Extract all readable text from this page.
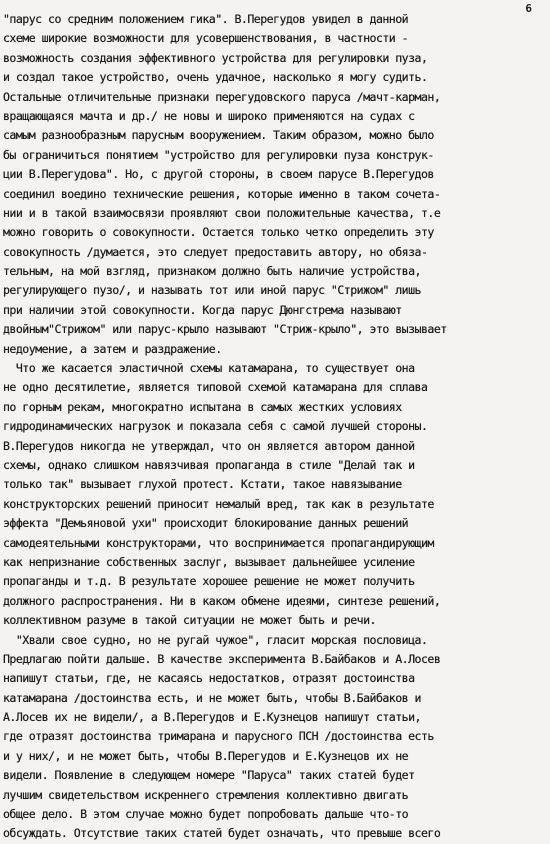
6
"парус со средним положением гика". В.Перегудов увидел в данной
схеме широкие возможности для усовершенствования, в частности -
возможность создания эффективного устройства для регулировки пуза,
и создал такое устройство, очень удачное, насколько я могу судить.
Остальные отличительные признаки перегудовского паруса /мачт-карман,
вращающаяся мачта и др./ не новы и широко применяются на судах с
самым разнообразным парусным вооружением. Таким образом, можно было
бы ограничиться понятием "устройство для регулировки пуза конструк-
ции В.Перегудова". Но, с другой стороны, в своем парусе В.Перегудов
соединил воедино технические решения, которые именно в таком сочета-
нии и в такой взаимосвязи проявляют свои положительные качества, т.е
можно говорить о совокупности. Остается только четко определить эту
совокупность /думается, это следует предоставить автору, но обяза-
тельным, на мой взгляд, признаком должно быть наличие устройства,
регулирующего пузо/, и называть тот или иной парус "Стрижом" лишь
при наличии этой совокупности. Когда парус Дюнгстрема называют
двойным"Стрижом" или парус-крыло называют "Стриж-крыло", это вызывает
недоумение, а затем и раздражение.
Что же касается эластичной схемы катамарана, то существует она
не одно десятилетие, является типовой схемой катамарана для сплава
по горным рекам, многократно испытана в самых жестких условиях
гидродинамических нагрузок и показала себя с самой лучшей стороны.
В.Перегудов никогда не утверждал, что он является автором данной
схемы, однако слишком навязчивая пропаганда в стиле "Делай так и
только так" вызывает глухой протест. Кстати, такое навязывание
конструкторских решений приносит немалый вред, так как в результате
эффекта "Демьяновой ухи" происходит блокирование данных решений
самодеятельными конструкторами, что воспринимается пропагандирующим
как непризнание собственных заслуг, вызывает дальнейшее усиление
пропаганды и т.д. В результате хорошее решение не может получить
должного распространения. Ни в каком обмене идеями, синтезе решений,
коллективном разуме в такой ситуации не может быть и речи.
"Хвали свое судно, но не ругай чужое", гласит морская пословица.
Предлагаю пойти дальше. В качестве эксперимента В.Байбаков и А.Лосев
напишут статьи, где, не касаясь недостатков, отразят достоинства
катамарана /достоинства есть, и не может быть, чтобы В.Байбаков и
А.Лосев их не видели/, а В.Перегудов и Е.Кузнецов напишут статьи,
где отразят достоинства тримарана и парусного ПСН /достоинства есть
и у них/, и не может быть, чтобы В.Перегудов и Е.Кузнецов их не
видели. Появление в следующем номере "Паруса" таких статей будет
лучшим свидетельством искреннего стремления коллективно двигать
общее дело. В этом случае можно будет попробовать дальше что-то
обсуждать. Отсутствие таких статей будет означать, что превыше всего
